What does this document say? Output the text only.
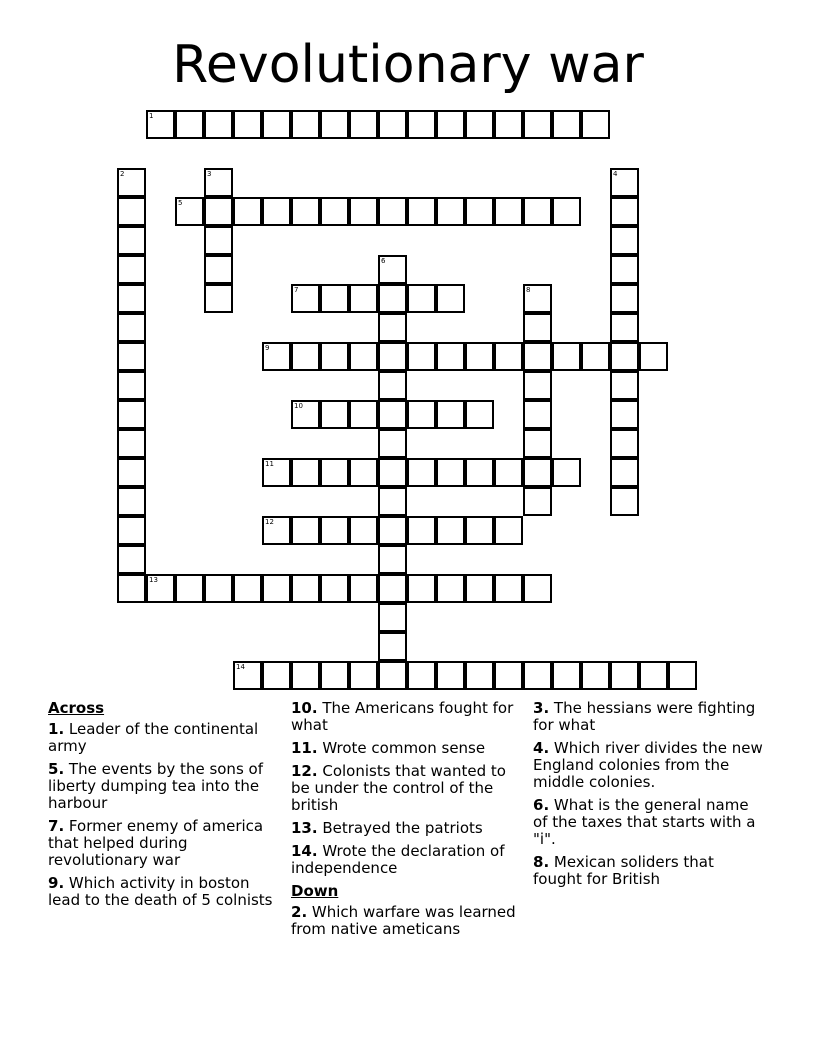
Revolutionary war
1
2	3	4
5
6
7	8
9
10
11
12
13
14
Across
1. Leader of the continental army
5. The events by the sons of liberty dumping tea into the harbour
7. Former enemy of america that helped during revolutionary war
9. Which activity in boston lead to the death of 5 colnists
10. The Americans fought for what
11. Wrote common sense
12. Colonists that wanted to be under the control of the british
13. Betrayed the patriots
14. Wrote the declaration of independence
Down
2. Which warfare was learned from native ameticans
3. The hessians were fighting for what
4. Which river divides the new England colonies from the middle colonies.
6. What is the general name of the taxes that starts with a "i".
8. Mexican soliders that fought for British
